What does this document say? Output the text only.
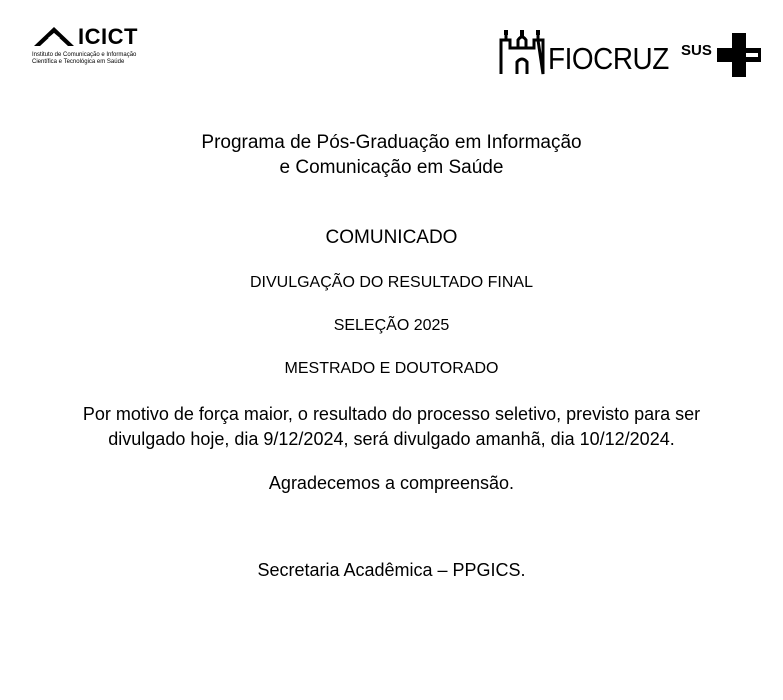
ICICT
Instituto de Comunicação e Informação
Científica e Tecnológica em Saúde	FIOCRUZ SUS
Programa de Pós-Graduação em Informação
e Comunicação em Saúde
COMUNICADO
DIVULGAÇÃO DO RESULTADO FINAL
SELEÇÃO 2025
MESTRADO E DOUTORADO
Por motivo de força maior, o resultado do processo seletivo, previsto para ser
divulgado hoje, dia 9/12/2024, será divulgado amanhã, dia 10/12/2024.
Agradecemos a compreensão.
Secretaria Acadêmica – PPGICS.
